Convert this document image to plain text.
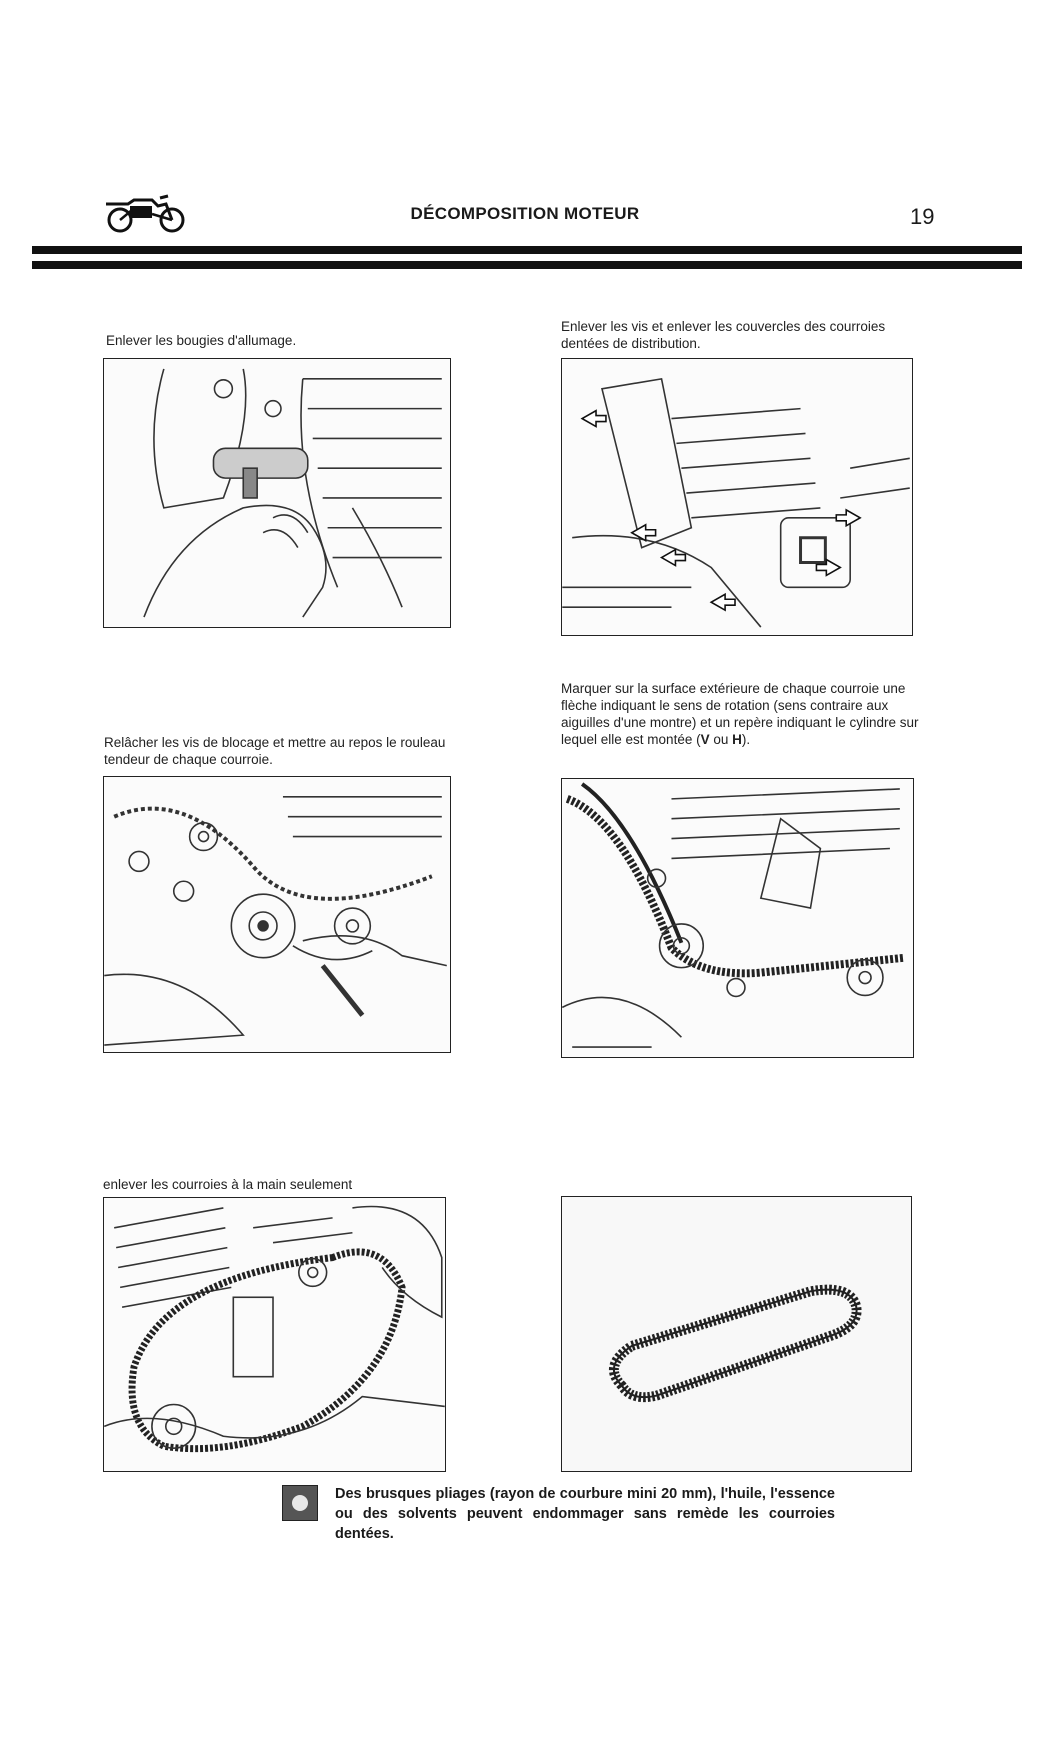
DÉCOMPOSITION MOTEUR	19
Enlever les bougies d'allumage.
Enlever les vis et enlever les couvercles des courroies dentées de distribution.
Marquer sur la surface extérieure de chaque courroie une flèche indiquant le sens de rotation (sens contraire aux aiguilles d'une montre) et un repère indiquant le cylindre sur lequel elle est montée (V ou H).
Relâcher les vis de blocage et mettre au repos le rouleau tendeur de chaque courroie.
enlever les courroies à la main seulement
Des brusques pliages (rayon de courbure mini 20 mm), l'huile, l'essence ou des solvents peuvent endommager sans remède les courroies dentées.
